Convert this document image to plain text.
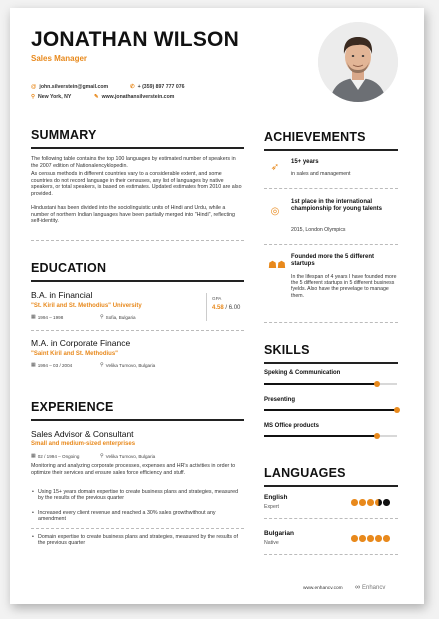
JONATHAN WILSON
Sales Manager
@ john.silverstein@gmail.com	✆ + (359) 897 777 076
⚲ New York, NY	✎ www.jonathansilverstein.com
SUMMARY
The following table contains the top 100 languages by estimated number of speakers in the 2007 edition of Nationalencyklopedin.
As census methods in different countries vary to a considerable extent, and some countries do not record language in their censuses, any list of languages by native speakers, or total speakers, is based on estimates. Updated estimates from 2010 are also provided.
Hindustani has been divided into the sociolinguistic units of Hindi and Urdu, while a number of northern Indian languages have been partially merged into "Hindi", reflecting self-identity.
EDUCATION
B.A. in Financial
"St. Kiril and St. Methodius" University
▦ 1994 – 1998	⚲ Sofia, Bulgaria
GPA
4.58 / 6.00
M.A. in Corporate Finance
"Saint Kiril and St. Methodius"
▦ 1994 – 03 / 2004	⚲ Velika Turnovo, Bulgaria
EXPERIENCE
Sales Advisor & Consultant
Small and medium-sized enterprises
▦ 02 / 1994 – Ongoing	⚲ Velika Turnovo, Bulgaria
Monitoring and analyzing corporate processes, expenses and HR's activities in order to optimize their services and ensure sales force efficiency and stuff.
• Using 15+ years domain expertise to create business plans and strategies, measured by the results of the previous quarter
• Increased every client revenue and reached a 30% sales growthwithout any amendment
• Domain expertise to create business plans and strategies, measured by the results of the previous quarter
ACHIEVEMENTS
➶	15+ years
in sales and management
◎
1st place in the international championship for young talents
2015, London Olympics
☗☗
Founded more the 5 different startups
In the lifespan of 4 years I have founded more the 5 different startups in 5 different business fyelds. Also have the prevelage to manage them.
SKILLS
Speking & Communication
Presenting
MS Office products
LANGUAGES
English
Expert
Bulgarian
Native
www.enhancv.com ∞ Enhancv
